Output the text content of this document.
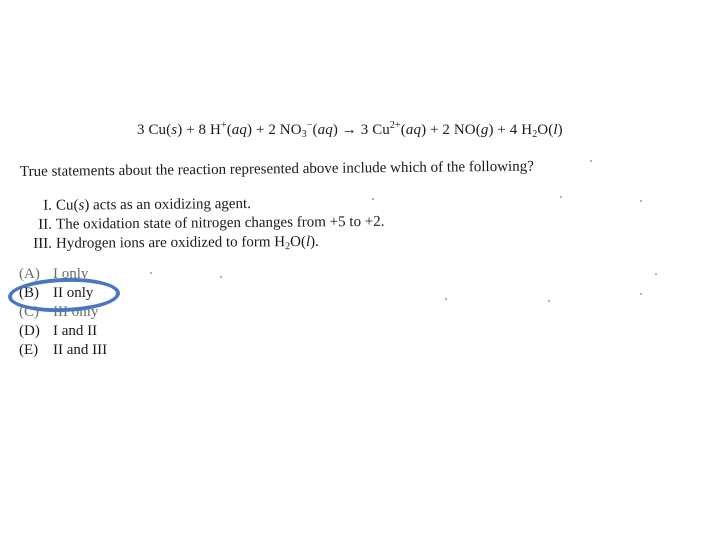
3 Cu(s) + 8 H+(aq) + 2 $NO_3^-(aq) \to 3$ $Cu^{2+}(aq) + 2$ NO(g) + 4 $H_2O(l)$
True statements about the reaction represented above include which of the following?
I. Cu(s) acts as an oxidizing agent.
II. The oxidation state of nitrogen changes from +5 to +2.
III. Hydrogen ions are oxidized to form $H_2O(l)$.
(A) I only
(B) II only
(C) III only
(D) I and II
(E) II and III
